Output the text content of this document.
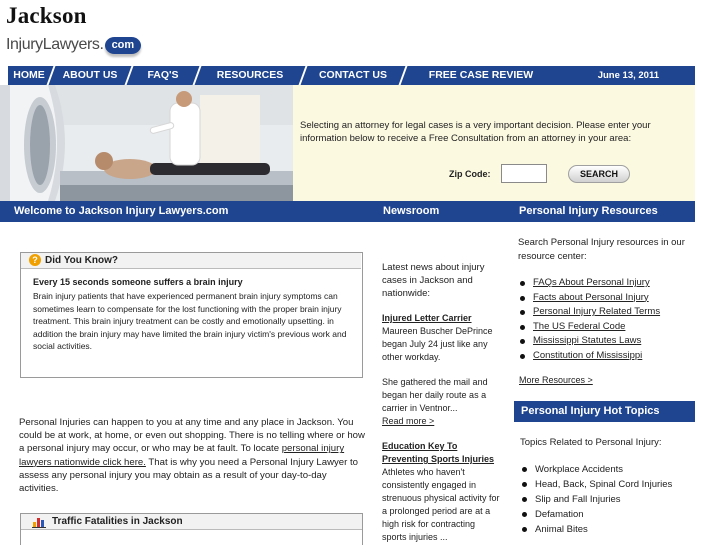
Jackson
InjuryLawyers. com
HOME	ABOUT US	FAQ'S	RESOURCES	CONTACT US	FREE CASE REVIEW	June 13, 2011
Selecting an attorney for legal cases is a very important decision. Please enter your information below to receive a Free Consultation from an attorney in your area:
Zip Code:	SEARCH
Welcome to Jackson Injury Lawyers.com	Newsroom	Personal Injury Resources
? Did You Know?
Every 15 seconds someone suffers a brain injury
Brain injury patients that have experienced permanent brain injury symptoms can sometimes learn to compensate for the lost functioning with the proper brain injury treatment. This brain injury treatment can be costly and emotionally upsetting. in addition the brain injury may have limited the brain injury victim's previous work and social activities.
Personal Injuries can happen to you at any time and any place in Jackson. You could be at work, at home, or even out shopping. There is no telling where or how a personal injury may occur, or who may be at fault. To locate personal injury lawyers nationwide click here. That is why you need a Personal Injury Lawyer to assess any personal injury you may obtain as a result of your day-to-day activities.
Traffic Fatalities in Jackson

Latest news about injury cases in Jackson and nationwide:

Injured Letter Carrier
Maureen Buscher DePrince began July 24 just like any other workday.

She gathered the mail and began her daily route as a carrier in Ventnor...
Read more >

Education Key To Preventing Sports Injuries
Athletes who haven't consistently engaged in strenuous physical activity for a prolonged period are at a high risk for contracting sports injuries ...

Search Personal Injury resources in our resource center:
FAQs About Personal Injury
Facts about Personal Injury
Personal Injury Related Terms
The US Federal Code
Mississippi Statutes Laws
Constitution of Mississippi
More Resources >
Personal Injury Hot Topics
Topics Related to Personal Injury:
Workplace Accidents
Head, Back, Spinal Cord Injuries
Slip and Fall Injuries
Defamation
Animal Bites
